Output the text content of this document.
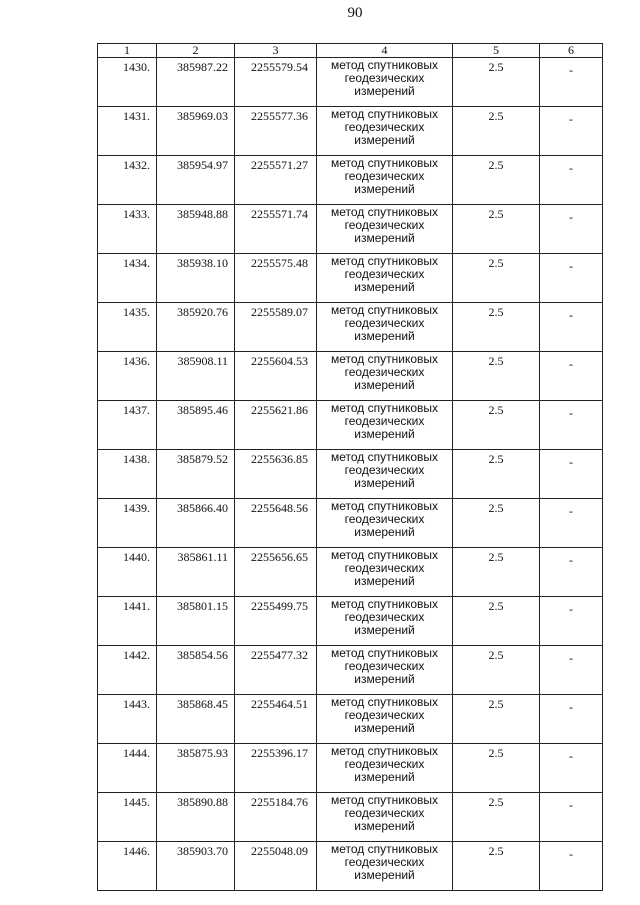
90
1	2	3	4	5	6
1430.	385987.22	2255579.54	метод спутниковых геодезических измерений	2.5	-
1431.	385969.03	2255577.36	метод спутниковых геодезических измерений	2.5	-
1432.	385954.97	2255571.27	метод спутниковых геодезических измерений	2.5	-
1433.	385948.88	2255571.74	метод спутниковых геодезических измерений	2.5	-
1434.	385938.10	2255575.48	метод спутниковых геодезических измерений	2.5	-
1435.	385920.76	2255589.07	метод спутниковых геодезических измерений	2.5	-
1436.	385908.11	2255604.53	метод спутниковых геодезических измерений	2.5	-
1437.	385895.46	2255621.86	метод спутниковых геодезических измерений	2.5	-
1438.	385879.52	2255636.85	метод спутниковых геодезических измерений	2.5	-
1439.	385866.40	2255648.56	метод спутниковых геодезических измерений	2.5	-
1440.	385861.11	2255656.65	метод спутниковых геодезических измерений	2.5	-
1441.	385801.15	2255499.75	метод спутниковых геодезических измерений	2.5	-
1442.	385854.56	2255477.32	метод спутниковых геодезических измерений	2.5	-
1443.	385868.45	2255464.51	метод спутниковых геодезических измерений	2.5	-
1444.	385875.93	2255396.17	метод спутниковых геодезических измерений	2.5	-
1445.	385890.88	2255184.76	метод спутниковых геодезических измерений	2.5	-
1446.	385903.70	2255048.09	метод спутниковых геодезических измерений	2.5	-
